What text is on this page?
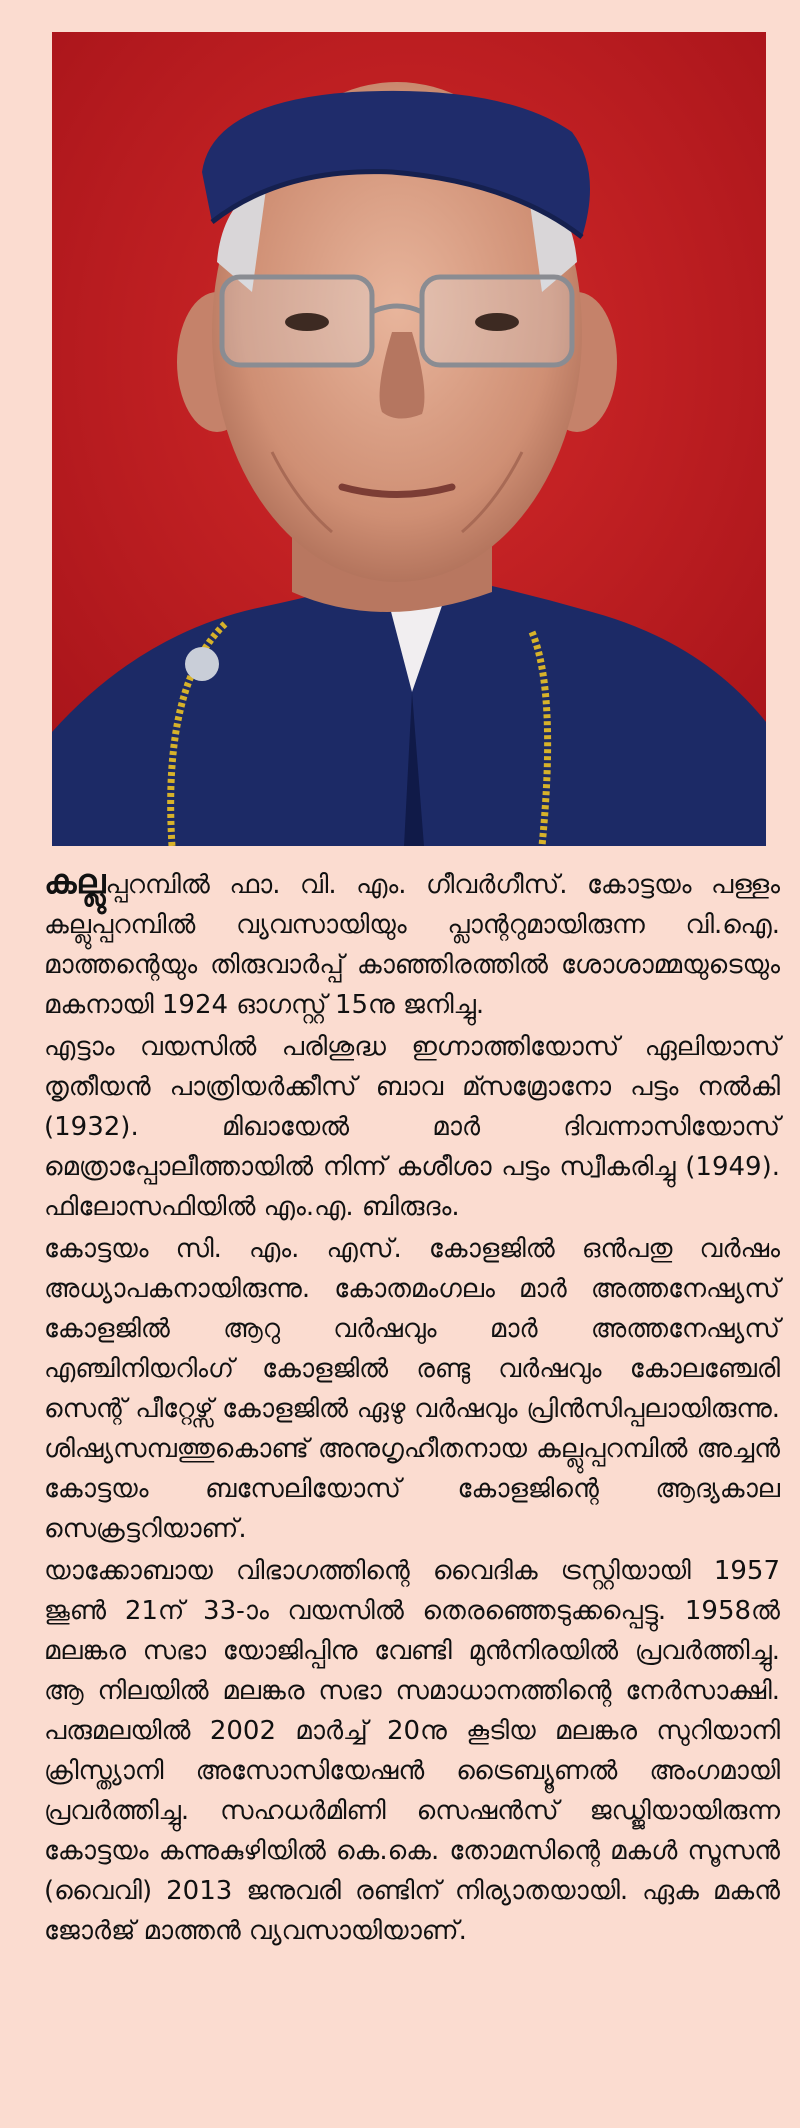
കല്ലുപ്പറമ്പിൽ ഫാ. വി. എം. ഗീവർഗീസ്. കോട്ടയം പള്ളം കല്ലുപ്പറമ്പിൽ വ്യവസായിയും പ്ലാന്ററുമായിരുന്ന വി.ഐ. മാത്തന്റെയും തിരുവാർപ്പ് കാഞ്ഞിരത്തിൽ ശോശാമ്മയുടെയും മകനായി 1924 ഓഗസ്റ്റ് 15നു ജനിച്ചു.

എട്ടാം വയസിൽ പരിശുദ്ധ ഇഗ്നാത്തിയോസ് ഏലിയാസ് തൃതീയൻ പാത്രിയർക്കീസ് ബാവ മ്സമ്രോനോ പട്ടം നൽകി (1932). മിഖായേൽ മാർ ദിവന്നാസിയോസ് മെത്രാപ്പോലീത്തായിൽ നിന്ന് കശീശാ പട്ടം സ്വീകരിച്ചു (1949). ഫിലോസഫിയിൽ എം.എ. ബിരുദം.

കോട്ടയം സി. എം. എസ്. കോളജിൽ ഒൻപതു വർഷം അധ്യാപകനായിരുന്നു. കോതമംഗലം മാർ അത്തനേഷ്യസ് കോളജിൽ ആറു വർഷവും മാർ അത്തനേഷ്യസ് എഞ്ചിനിയറിംഗ് കോളജിൽ രണ്ടു വർഷവും കോലഞ്ചേരി സെന്റ് പീറ്റേഴ്സ് കോളജിൽ ഏഴു വർഷവും പ്രിൻസിപ്പലായിരുന്നു. ശിഷ്യസമ്പത്തുകൊണ്ട് അനുഗൃഹീതനായ കല്ലുപ്പറമ്പിൽ അച്ചൻ കോട്ടയം ബസേലിയോസ് കോളജിന്റെ ആദ്യകാല സെക്രട്ടറിയാണ്.

യാക്കോബായ വിഭാഗത്തിന്റെ വൈദിക ട്രസ്റ്റിയായി 1957 ജൂൺ 21ന് 33-ാം വയസിൽ തെരഞ്ഞെടുക്കപ്പെട്ടു. 1958ൽ മലങ്കര സഭാ യോജിപ്പിനു വേണ്ടി മുൻനിരയിൽ പ്രവർത്തിച്ചു. ആ നിലയിൽ മലങ്കര സഭാ സമാധാനത്തിന്റെ നേർസാക്ഷി. പരുമലയിൽ 2002 മാർച്ച് 20നു കൂടിയ മലങ്കര സുറിയാനി ക്രിസ്ത്യാനി അസോസിയേഷൻ ട്രൈബ്യൂണൽ അംഗമായി പ്രവർത്തിച്ചു. സഹധർമിണി സെഷൻസ് ജഡ്ജിയായിരുന്ന കോട്ടയം കന്നുകുഴിയിൽ കെ.കെ. തോമസിന്റെ മകൾ സൂസൻ (വൈവി) 2013 ജനുവരി രണ്ടിന് നിര്യാതയായി. ഏക മകൻ ജോർജ് മാത്തൻ വ്യവസായിയാണ്.
